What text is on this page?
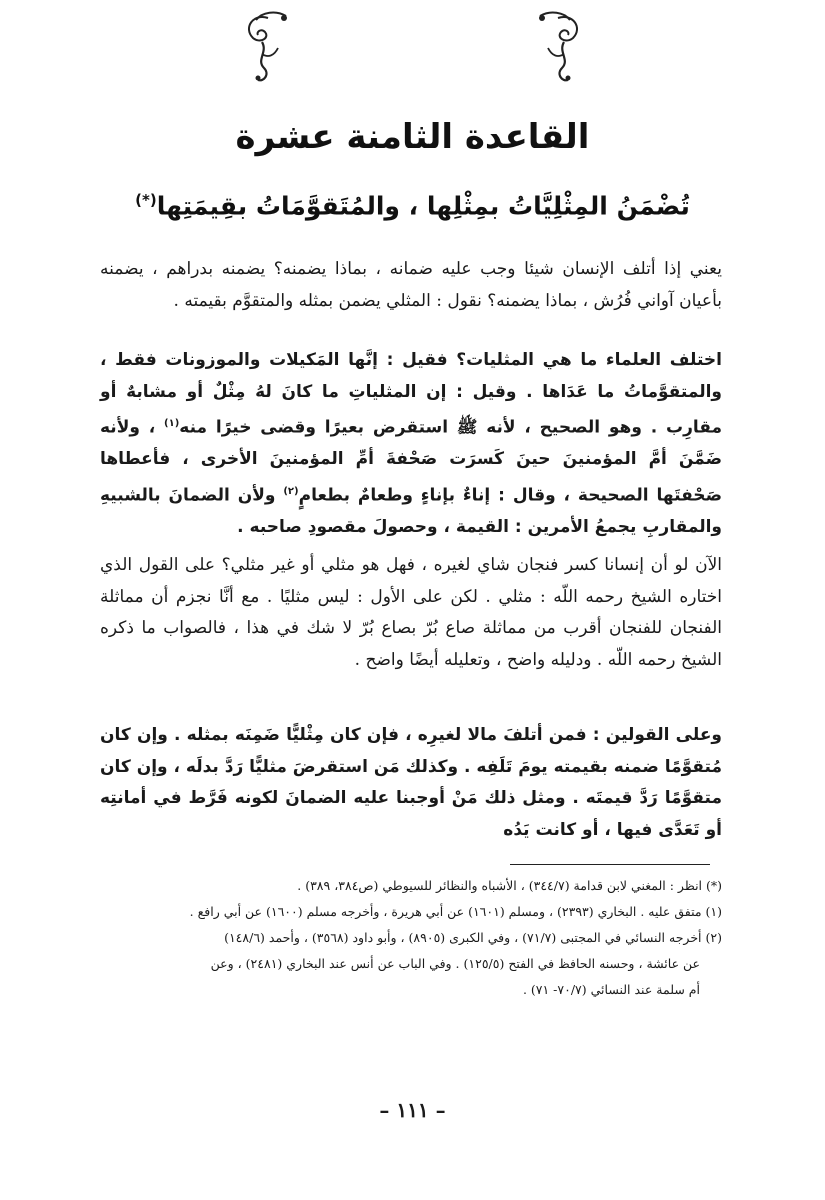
القاعدة الثامنة عشرة
تُضْمَنُ المِثْلِيَّاتُ بمِثْلِها ، والمُتَقوَّمَاتُ بقِيمَتِها(*)

يعني إذا أتلف الإنسان شيئا وجب عليه ضمانه ، بماذا يضمنه؟ يضمنه بدراهم ، يضمنه بأعيان آواني فُرُش ، بماذا يضمنه؟ نقول : المثلي يضمن بمثله والمتقوَّم بقيمته .

اختلف العلماء ما هي المثليات؟ فقيل : إنَّها المَكيلات والموزونات فقط ، والمتقوَّماتُ ما عَدَاها . وقيل : إن المثلياتِ ما كانَ لهُ مِثْلٌ أو مشابهٌ أو مقارِب . وهو الصحيح ، لأنه ﷺ استقرض بعيرًا وقضى خيرًا منه$^{(١)}$ ، ولأنه ضَمَّنَ أمَّ المؤمنينَ حينَ كَسرَت صَحْفةَ أمِّ المؤمنينَ الأخرى ، فأعطاها صَحْفتَها الصحيحة ، وقال : إناءٌ بإناءٍ وطعامٌ بطعامٍ$^{(٢)}$ ولأن الضمانَ بالشبيهِ والمقاربِ يجمعُ الأمرين : القيمة ، وحصولَ مقصودِ صاحبه .

الآن لو أن إنسانا كسر فنجان شاي لغيره ، فهل هو مثلي أو غير مثلي؟ على القول الذي اختاره الشيخ رحمه اللّه : مثلي . لكن على الأول : ليس مثليًا . مع أنَّا نجزم أن مماثلة الفنجان للفنجان أقرب من مماثلة صاع بُرّ بصاع بُرّ لا شك في هذا ، فالصواب ما ذكره الشيخ رحمه اللّه . ودليله واضح ، وتعليله أيضًا واضح .

وعلى القولين : فمن أتلفَ مالا لغيرِه ، فإن كان مِثْليًّا ضَمِنَه بمثله . وإن كان مُتقوَّمًا ضمنه بقيمته يومَ تَلَفِه . وكذلك مَن استقرضَ مثليًّا رَدَّ بدلَه ، وإن كان متقوَّمًا رَدَّ قيمتَه . ومثل ذلك مَنْ أوجبنا عليه الضمانَ لكونه فَرَّط في أمانتِه أو تَعَدَّى فيها ، أو كانت يَدُه

(*) انظر : المغني لابن قدامة (٣٤٤/٧) ، الأشباه والنظائر للسيوطي (ص٣٨٤، ٣٨٩) .

(١) متفق عليه . البخاري (٢٣٩٣) ، ومسلم (١٦٠١) عن أبي هريرة ، وأخرجه مسلم (١٦٠٠) عن أبي رافع .

(٢) أخرجه النسائي في المجتبى (٧١/٧) ، وفي الكبرى (٨٩٠٥) ، وأبو داود (٣٥٦٨) ، وأحمد (١٤٨/٦)

عن عائشة ، وحسنه الحافظ في الفتح (١٢٥/٥) . وفي الباب عن أنس عند البخاري (٢٤٨١) ، وعن

أم سلمة عند النسائي (٧٠/٧- ٧١) .

– ١١١ –
